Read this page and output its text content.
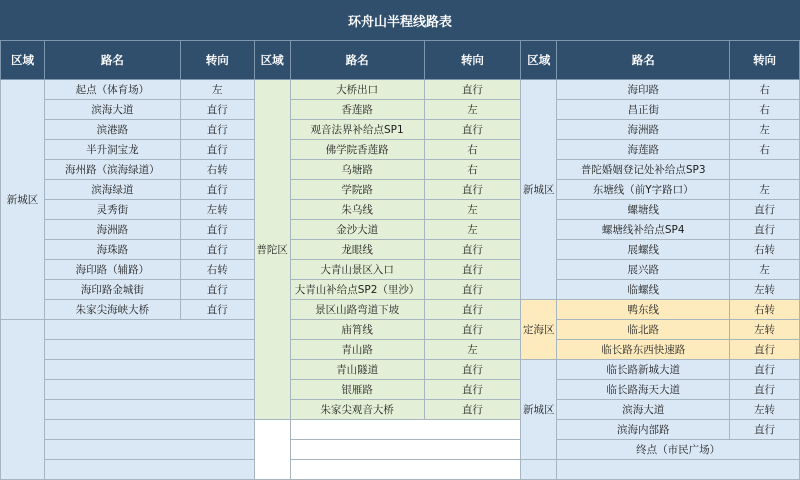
环舟山半程线路表
区域	路名	转向	区域	路名	转向	区域	路名	转向
新城区	起点（体育场）	左	普陀区	大桥出口	直行	新城区	海印路	右
	滨海大道	直行		香莲路	左		昌正街	右
	滨港路	直行		观音法界补给点SP1	直行		海洲路	左
	半升洞宝龙	直行		佛学院香莲路	右		海莲路	右
	海州路（滨海绿道）	右转		乌塘路	右		普陀婚姻登记处补给点SP3	
	滨海绿道	直行		学院路	直行		东塘线（前Y字路口）	左
	灵秀街	左转		朱乌线	左		螺塘线	直行
	海洲路	直行		金沙大道	左		螺塘线补给点SP4	直行
	海珠路	直行		龙眼线	直行		展螺线	右转
	海印路（辅路）	右转		大青山景区入口	直行		展兴路	左
	海印路金城街	直行		大青山补给点SP2（里沙）	直行		临螺线	左转
	朱家尖海峡大桥	直行		景区山路弯道下坡	直行	定海区	鸭东线	右转
				庙筲线	直行		临北路	左转
				青山路	左		临长路东西快速路	直行
				青山隧道	直行	新城区	临长路新城大道	直行
				银雁路	直行		临长路海天大道	直行
				朱家尖观音大桥	直行		滨海大道	左转
							滨海内部路	直行
							终点（市民广场）	
